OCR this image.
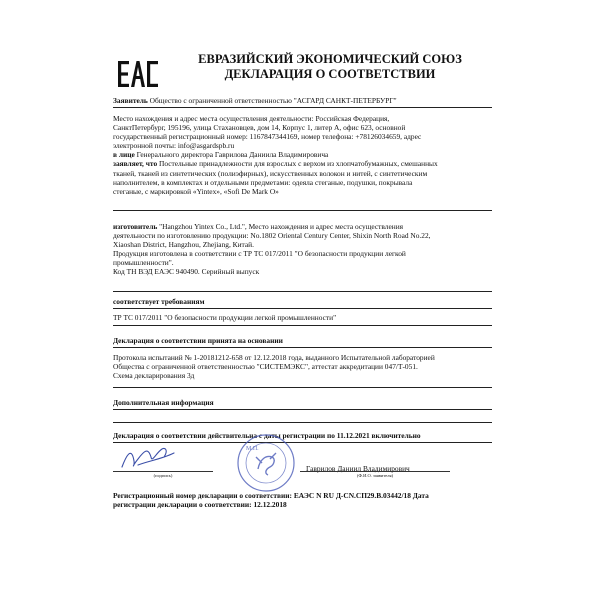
ЕВРАЗИЙСКИЙ ЭКОНОМИЧЕСКИЙ СОЮЗ
ДЕКЛАРАЦИЯ О СООТВЕТСТВИИ
Заявитель Общество с ограниченной ответственностью "АСГАРД САНКТ-ПЕТЕРБУРГ"
Место нахождения и адрес места осуществления деятельности: Российская Федерация,
СанктПетербург, 195196, улица Стахановцев, дом 14, Корпус 1, литер А, офис 623, основной
государственный регистрационный номер: 1167847344169, номер телефона: +78126034659, адрес
электронной почты: info@asgardspb.ru
в лице Генерального директора Гаврилова Даниила Владимировича
заявляет, что Постельные принадлежности для взрослых с верхом из хлопчатобумажных, смешанных
тканей, тканей из синтетических (полиэфирных), искусственных волокон и нитей, с синтетическим
наполнителем, в комплектах и отдельными предметами: одеяла стеганые, подушки, покрывала
стеганые, с маркировкой «Yintex», «Sofi De Mark O»
изготовитель "Hangzhou Yintex Co., Ltd.", Место нахождения и адрес места осуществления
деятельности по изготовлению продукции: No.1802 Oriental Century Center, Shixin North Road No.22,
Xiaoshan District, Hangzhou, Zhejiang, Китай.
Продукция изготовлена в соответствии с ТР ТС 017/2011 "О безопасности продукции легкой
промышленности".
Код ТН ВЭД ЕАЭС 940490. Серийный выпуск
соответствует требованиям
ТР ТС 017/2011 "О безопасности продукции легкой промышленности"
Декларация о соответствии принята на основании
Протокола испытаний № 1-20181212-658 от 12.12.2018 года, выданного Испытательной лабораторией
Общества с ограниченной ответственностью "СИСТЕМЭКС", аттестат аккредитации 047/Т-051.
Схема декларирования 3д
Дополнительная информация
Декларация о соответствии действительна с даты регистрации по 11.12.2021 включительно
(подпись)
М.П.
Гаврилов Даниил Владимирович
(Ф.И.О. заявителя)
Регистрационный номер декларации о соответствии: ЕАЭС N RU Д-CN.СП29.В.03442/18 Дата
регистрации декларации о соответствии: 12.12.2018
